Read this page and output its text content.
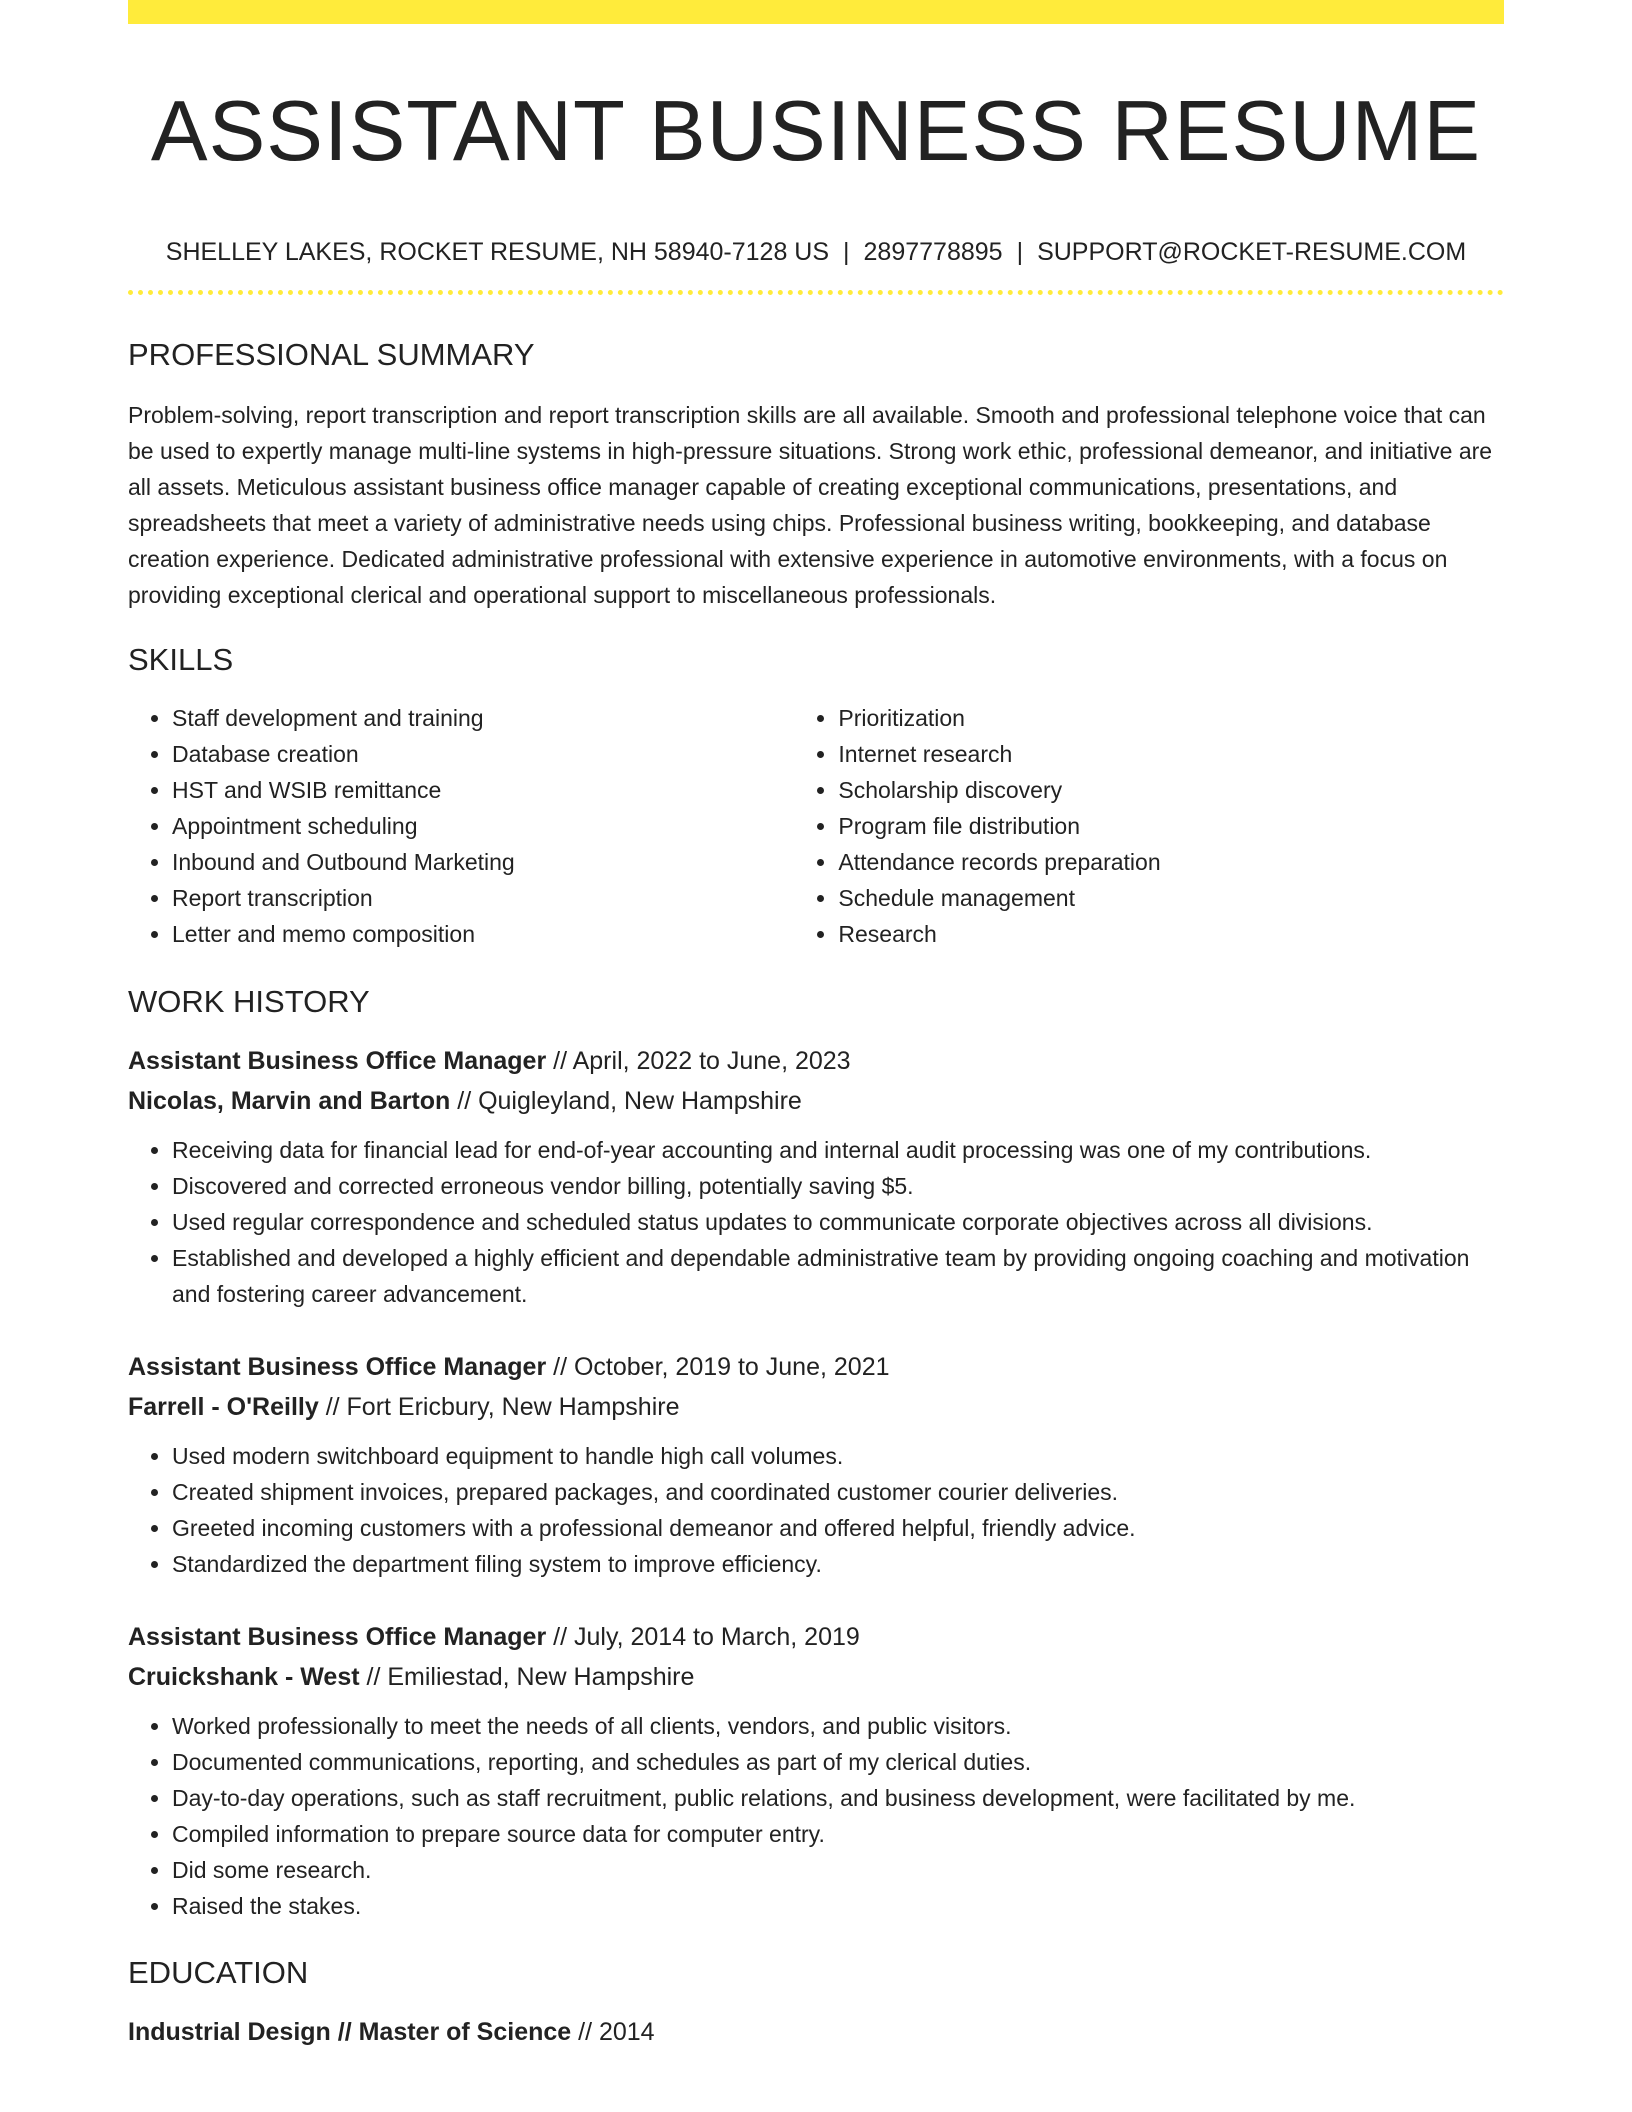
ASSISTANT BUSINESS RESUME
SHELLEY LAKES, ROCKET RESUME, NH 58940-7128 US | 2897778895 | SUPPORT@ROCKET-RESUME.COM
PROFESSIONAL SUMMARY

Problem-solving, report transcription and report transcription skills are all available. Smooth and professional telephone voice that can be used to expertly manage multi-line systems in high-pressure situations. Strong work ethic, professional demeanor, and initiative are all assets. Meticulous assistant business office manager capable of creating exceptional communications, presentations, and spreadsheets that meet a variety of administrative needs using chips. Professional business writing, bookkeeping, and database creation experience. Dedicated administrative professional with extensive experience in automotive environments, with a focus on providing exceptional clerical and operational support to miscellaneous professionals.

SKILLS
• Staff development and training
• Database creation
• HST and WSIB remittance
• Appointment scheduling
• Inbound and Outbound Marketing
• Report transcription
• Letter and memo composition
• Prioritization
• Internet research
• Scholarship discovery
• Program file distribution
• Attendance records preparation
• Schedule management
• Research
WORK HISTORY
Assistant Business Office Manager // April, 2022 to June, 2023
Nicolas, Marvin and Barton // Quigleyland, New Hampshire
• Receiving data for financial lead for end-of-year accounting and internal audit processing was one of my contributions.
• Discovered and corrected erroneous vendor billing, potentially saving $5.
• Used regular correspondence and scheduled status updates to communicate corporate objectives across all divisions.
• Established and developed a highly efficient and dependable administrative team by providing ongoing coaching and motivation and fostering career advancement.
Assistant Business Office Manager // October, 2019 to June, 2021
Farrell - O'Reilly // Fort Ericbury, New Hampshire
• Used modern switchboard equipment to handle high call volumes.
• Created shipment invoices, prepared packages, and coordinated customer courier deliveries.
• Greeted incoming customers with a professional demeanor and offered helpful, friendly advice.
• Standardized the department filing system to improve efficiency.
Assistant Business Office Manager // July, 2014 to March, 2019
Cruickshank - West // Emiliestad, New Hampshire
• Worked professionally to meet the needs of all clients, vendors, and public visitors.
• Documented communications, reporting, and schedules as part of my clerical duties.
• Day-to-day operations, such as staff recruitment, public relations, and business development, were facilitated by me.
• Compiled information to prepare source data for computer entry.
• Did some research.
• Raised the stakes.
EDUCATION
Industrial Design // Master of Science // 2014
